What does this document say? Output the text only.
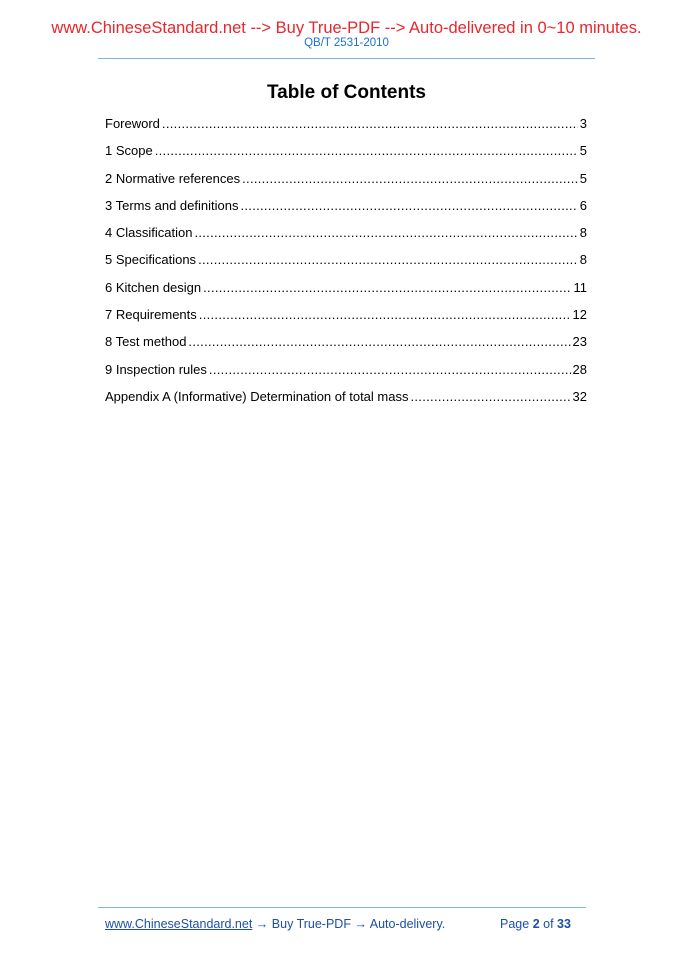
www.ChineseStandard.net --> Buy True-PDF --> Auto-delivered in 0~10 minutes.
QB/T 2531-2010
Table of Contents
Foreword .....	3
1 Scope .....	5
2 Normative references .....	5
3 Terms and definitions .....	6
4 Classification .....	8
5 Specifications .....	8
6 Kitchen design .....	11
7 Requirements .....	12
8 Test method .....	23
9 Inspection rules .....	28
Appendix A (Informative) Determination of total mass .....	32
www.ChineseStandard.net → Buy True-PDF → Auto-delivery.	Page 2 of 33
